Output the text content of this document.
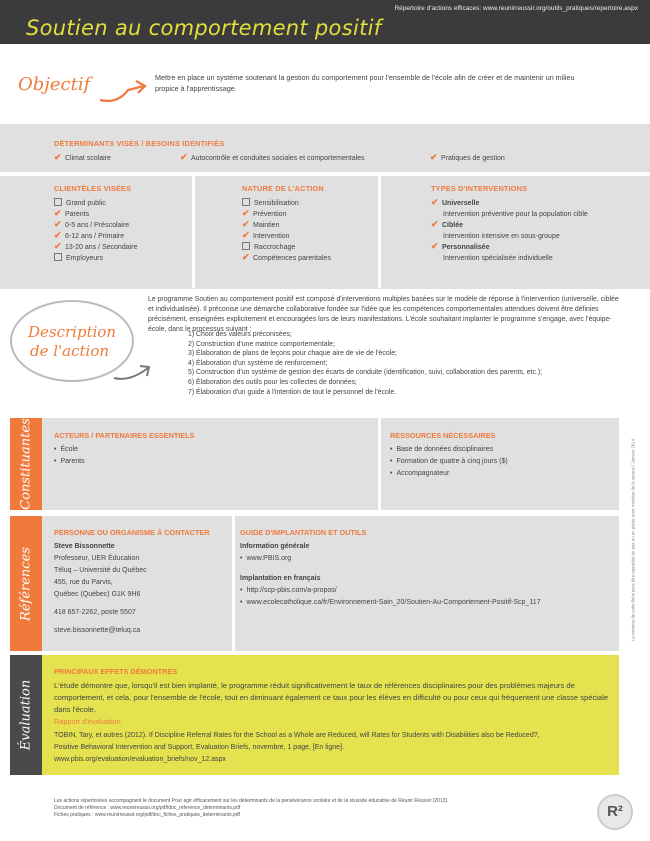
Répertoire d'actions efficaces: www.reunirreussir.org/outils_pratiques/repertoire.aspx
Soutien au comportement positif
Objectif	Mettre en place un système soutenant la gestion du comportement pour l'ensemble de l'école afin de créer et de maintenir un milieu propice à l'apprentissage.
DÉTERMINANTS VISÉS / BESOINS IDENTIFIÉS
✔ Climat scolaire	✔ Autocontrôle et conduites sociales et comportementales	✔ Pratiques de gestion
CLIENTÈLES VISÉES
Grand public
✔ Parents
✔ 0-5 ans / Préscolaire
✔ 6-12 ans / Primaire
✔ 13-20 ans / Secondaire
Employeurs
NATURE DE L'ACTION
Sensibilisation
✔ Prévention
✔ Maintien
✔ Intervention
Raccrochage
✔ Compétences parentales
TYPES D'INTERVENTIONS
✔ Universelle
Intervention préventive pour la population cible
✔ Ciblée
Intervention intensive en sous-groupe
✔ Personnalisée
Intervention spécialisée individuelle
Description
de l'action
Le programme Soutien au comportement positif est composé d'interventions multiples basées sur le modèle de réponse à l'intervention (universelle, ciblée et individualisée). Il préconise une démarche collaborative fondée sur l'idée que les compétences comportementales attendues doivent être définies précisément, enseignées explicitement et encouragées lors de leurs manifestations. L'école souhaitant implanter le programme s'engage, avec l'équipe-école, dans le processus suivant :
1) Choix des valeurs préconisées;
2) Construction d'une matrice comportementale;
3) Élaboration de plans de leçons pour chaque aire de vie de l'école;
4) Élaboration d'un système de renforcement;
5) Construction d'un système de gestion des écarts de conduite (identification, suivi, collaboration des parents, etc.);
6) Élaboration des outils pour les collectes de données;
7) Élaboration d'un guide à l'intention de tout le personnel de l'école.
Constituantes	ACTEURS / PARTENAIRES ESSENTIELS
• École
• Parents
RESSOURCES NÉCESSAIRES
• Base de données disciplinaires
• Formation de quatre à cinq jours ($)
• Accompagnateur
Références
PERSONNE OU ORGANISME À CONTACTER
Steve Bissonnette
Professeur, UER Éducation
Téluq – Université du Québec
455, rue du Parvis,
Québec (Québec) G1K 9H6
418 657-2262, poste 5507
steve.bissonnette@teluq.ca
GUIDE D'IMPLANTATION ET OUTILS
Information générale
• www.PBIS.org
Implantation en français
• http://scp-pbis.com/a-propos/
• www.ecolecatholique.ca/fr/Environnement-Sain_20/Soutien-Au-Comportement-Positif-Scp_117
Évaluation
PRINCIPAUX EFFETS DÉMONTRÉS
L'étude démontre que, lorsqu'il est bien implanté, le programme réduit significativement le taux de références disciplinaires pour des problèmes majeurs de comportement, et cela, pour l'ensemble de l'école, tout en diminuant également ce taux pour les élèves en difficulté ou pour ceux qui fréquentent une classe spéciale dans l'école.
Rapport d'évaluation
TOBIN, Tary, et autres (2012). If Discipline Referral Rates for the School as a Whole are Reduced, will Rates for Students with Disabilities also be Reduced?,
Positive Behavioral Intervention and Support, Evaluation Briefs, novembre, 1 page, [En ligne].
www.pbis.org/evaluation/evaluation_briefs/nov_12.aspx
Le contenu de cette fiche peut être reproduit en tout ou en partie avec mention de la source / Janvier 2014
Les actions répertoriées accompagnent le document Pour agir efficacement sur les déterminants de la persévérance scolaire et de la réussite éducative de Réunir Réussir (2013).
Document de référence : www.reunirreussir.org/pdf/doc_reference_determinants.pdf
Fiches pratiques : www.reunirreussir.org/pdf/doc_fiches_pratiques_determinants.pdf	R²
